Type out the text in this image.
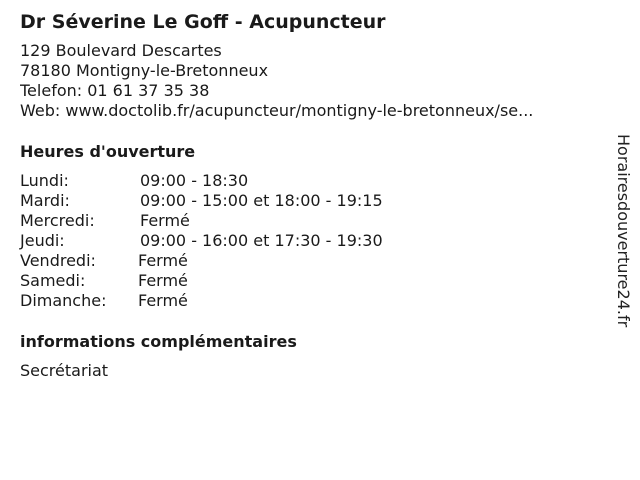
Dr Séverine Le Goff - Acupuncteur
129 Boulevard Descartes
78180 Montigny-le-Bretonneux
Telefon: 01 61 37 35 38
Web: www.doctolib.fr/acupuncteur/montigny-le-bretonneux/se...
Heures d'ouverture
Lundi:	09:00 - 18:30
Mardi:	09:00 - 15:00 et 18:00 - 19:15
Mercredi:	Fermé
Jeudi:	09:00 - 16:00 et 17:30 - 19:30
Vendredi:	Fermé
Samedi:	Fermé
Dimanche: Fermé
informations complémentaires
Secrétariat
Horairesdouverture24.fr
